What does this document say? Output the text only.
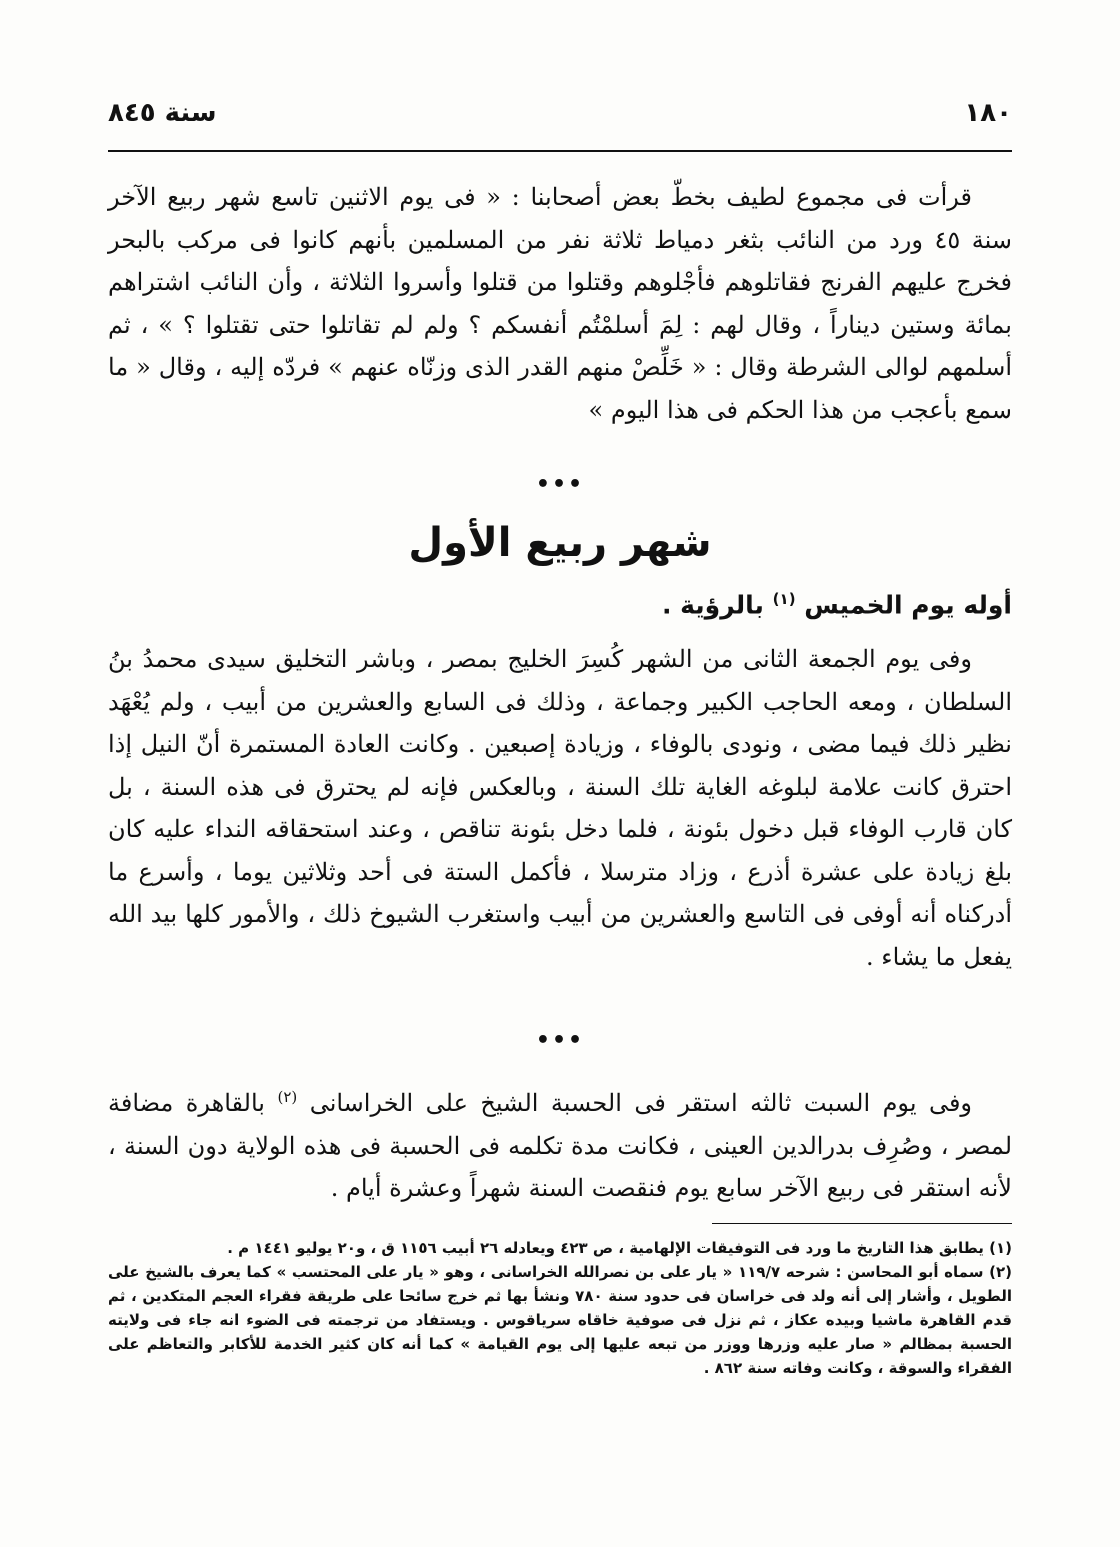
١٨٠
سنة ٨٤٥

قرأت فى مجموع لطيف بخطّ بعض أصحابنا : « فى يوم الاثنين تاسع شهر ربيع الآخر سنة ٤٥ ورد من النائب بثغر دمياط ثلاثة نفر من المسلمين بأنهم كانوا فى مركب بالبحر فخرج عليهم الفرنج فقاتلوهم فأجْلوهم وقتلوا من قتلوا وأسروا الثلاثة ، وأن النائب اشتراهم بمائة وستين ديناراً ، وقال لهم : لِمَ أسلمْتُم أنفسكم ؟ ولم لم تقاتلوا حتى تقتلوا ؟ » ، ثم أسلمهم لوالى الشرطة وقال : « خَلِّصْ منهم القدر الذى وزنّاه عنهم » فردّه إليه ، وقال « ما سمع بأعجب من هذا الحكم فى هذا اليوم »

•••
شهر ربيع الأول

أوله يوم الخميس $^{(١)}$ بالرؤية .

وفى يوم الجمعة الثانى من الشهر كُسِرَ الخليج بمصر ، وباشر التخليق سيدى محمدُ بنُ السلطان ، ومعه الحاجب الكبير وجماعة ، وذلك فى السابع والعشرين من أبيب ، ولم يُعْهَد نظير ذلك فيما مضى ، ونودى بالوفاء ، وزيادة إصبعين . وكانت العادة المستمرة أنّ النيل إذا احترق كانت علامة لبلوغه الغاية تلك السنة ، وبالعكس فإنه لم يحترق فى هذه السنة ، بل كان قارب الوفاء قبل دخول بئونة ، فلما دخل بئونة تناقص ، وعند استحقاقه النداء عليه كان بلغ زيادة على عشرة أذرع ، وزاد مترسلا ، فأكمل الستة فى أحد وثلاثين يوما ، وأسرع ما أدركناه أنه أوفى فى التاسع والعشرين من أبيب واستغرب الشيوخ ذلك ، والأمور كلها بيد الله يفعل ما يشاء .

•••

وفى يوم السبت ثالثه استقر فى الحسبة الشيخ على الخراسانى $^{(٢)}$ بالقاهرة مضافة لمصر ، وصُرِف بدرالدين العينى ، فكانت مدة تكلمه فى الحسبة فى هذه الولاية دون السنة ، لأنه استقر فى ربيع الآخر سابع يوم فنقصت السنة شهراً وعشرة أيام .

(١) يطابق هذا التاريخ ما ورد فى التوفيقات الإلهامية ، ص ٤٢٣ ويعادله ٢٦ أبيب ١١٥٦ ق ، و٢٠ يوليو ١٤٤١ م .

(٢) سماه أبو المحاسن : شرحه ١١٩/٧ « يار على بن نصرالله الخراسانى ، وهو « يار على المحتسب » كما يعرف بالشيخ على الطويل ، وأشار إلى أنه ولد فى خراسان فى حدود سنة ٧٨٠ ونشأ بها ثم خرج سائحا على طريقة فقراء العجم المتكدين ، ثم قدم القاهرة ماشيا وبيده عكاز ، ثم نزل فى صوفية خاقاه سرياقوس . ويستفاد من ترجمته فى الضوء انه جاء فى ولايته الحسبة بمظالم « صار عليه وزرها ووزر من تبعه عليها إلى يوم القيامة » كما أنه كان كثير الخدمة للأكابر والتعاظم على الفقراء والسوقة ، وكانت وفاته سنة ٨٦٢ .
